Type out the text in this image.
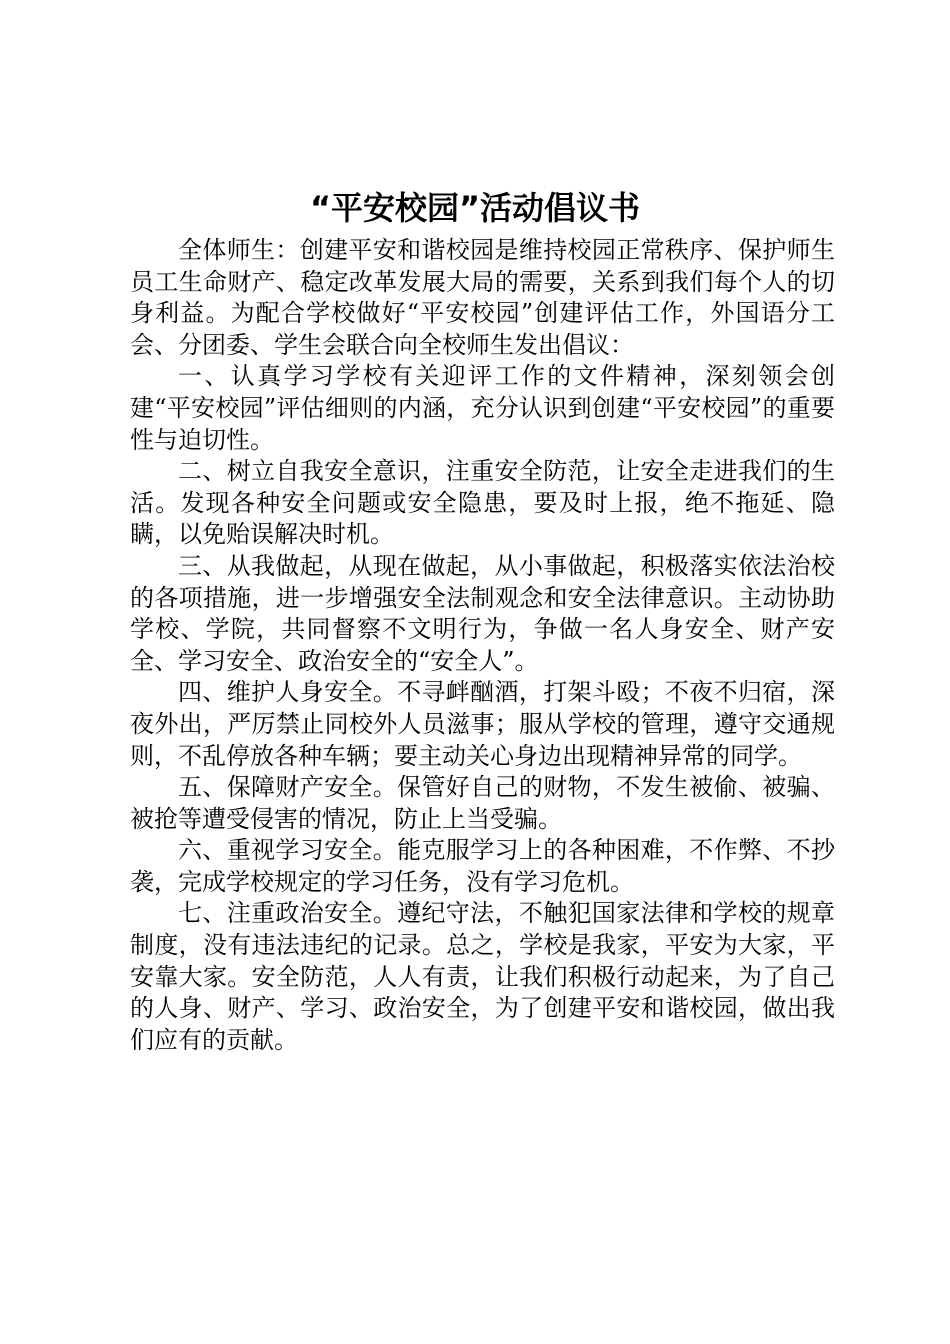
“平安校园”活动倡议书

全体师生：创建平安和谐校园是维持校园正常秩序、保护师生员工生命财产、稳定改革发展大局的需要，关系到我们每个人的切身利益。为配合学校做好“平安校园”创建评估工作，外国语分工会、分团委、学生会联合向全校师生发出倡议：

一、认真学习学校有关迎评工作的文件精神，深刻领会创建“平安校园”评估细则的内涵，充分认识到创建“平安校园”的重要性与迫切性。

二、树立自我安全意识，注重安全防范，让安全走进我们的生活。发现各种安全问题或安全隐患，要及时上报，绝不拖延、隐瞒，以免贻误解决时机。

三、从我做起，从现在做起，从小事做起，积极落实依法治校的各项措施，进一步增强安全法制观念和安全法律意识。主动协助学校、学院，共同督察不文明行为，争做一名人身安全、财产安全、学习安全、政治安全的“安全人”。

四、维护人身安全。不寻衅酗酒，打架斗殴；不夜不归宿，深夜外出，严厉禁止同校外人员滋事；服从学校的管理，遵守交通规则，不乱停放各种车辆；要主动关心身边出现精神异常的同学。

五、保障财产安全。保管好自己的财物，不发生被偷、被骗、被抢等遭受侵害的情况，防止上当受骗。

六、重视学习安全。能克服学习上的各种困难，不作弊、不抄袭，完成学校规定的学习任务，没有学习危机。

七、注重政治安全。遵纪守法，不触犯国家法律和学校的规章制度，没有违法违纪的记录。总之，学校是我家，平安为大家，平安靠大家。安全防范，人人有责，让我们积极行动起来，为了自己的人身、财产、学习、政治安全，为了创建平安和谐校园，做出我们应有的贡献。
